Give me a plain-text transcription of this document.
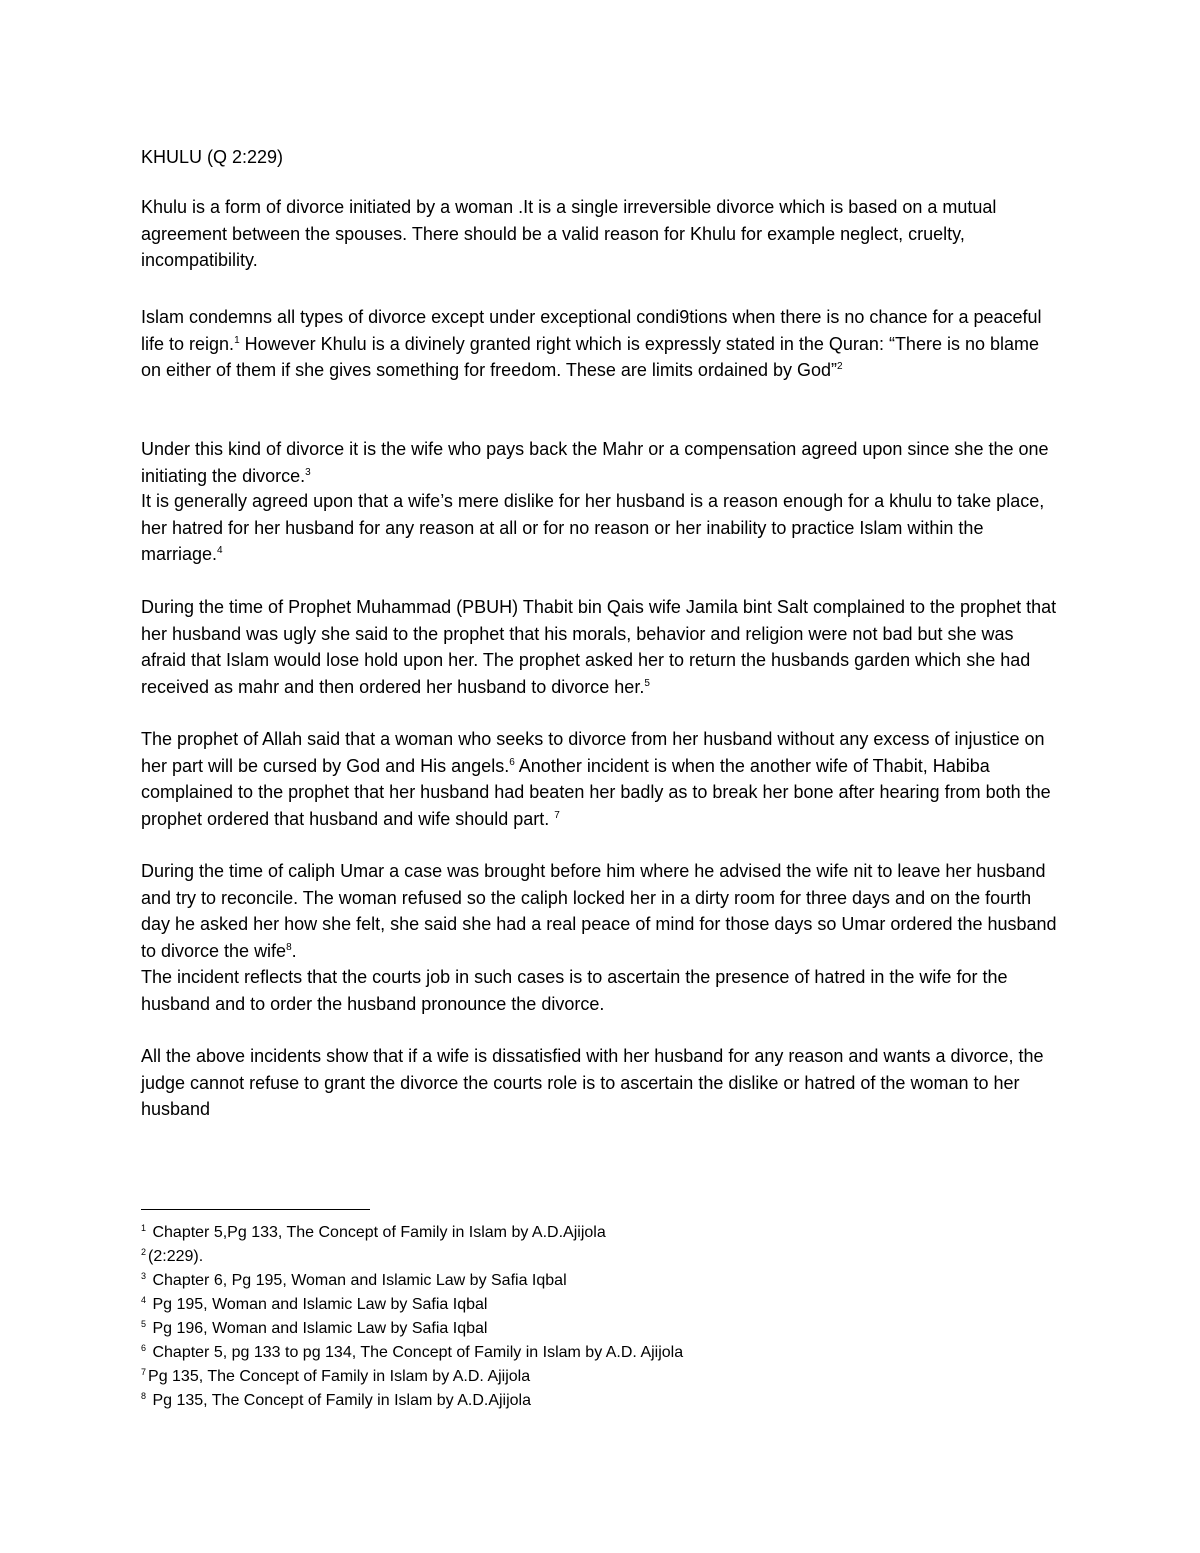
KHULU (Q 2:229)

Khulu is a form of divorce initiated by a woman .It is a single irreversible divorce which is based on a mutual agreement between the spouses. There should be a valid reason for Khulu for example neglect, cruelty, incompatibility.

Islam condemns all types of divorce except under exceptional condi9tions when there is no chance for a peaceful life to reign.$^1$ However Khulu is a divinely granted right which is expressly stated in the Quran: “There is no blame on either of them if she gives something for freedom. These are limits ordained by God”$^2$

Under this kind of divorce it is the wife who pays back the Mahr or a compensation agreed upon since she the one initiating the divorce.$^3$

It is generally agreed upon that a wife’s mere dislike for her husband is a reason enough for a khulu to take place, her hatred for her husband for any reason at all or for no reason or her inability to practice Islam within the marriage.$^4$

During the time of Prophet Muhammad (PBUH) Thabit bin Qais wife Jamila bint Salt complained to the prophet that her husband was ugly she said to the prophet that his morals, behavior and religion were not bad but she was afraid that Islam would lose hold upon her. The prophet asked her to return the husbands garden which she had received as mahr and then ordered her husband to divorce her.$^5$

The prophet of Allah said that a woman who seeks to divorce from her husband without any excess of injustice on her part will be cursed by God and His angels.$^6$ Another incident is when the another wife of Thabit, Habiba complained to the prophet that her husband had beaten her badly as to break her bone after hearing from both the prophet ordered that husband and wife should part. $^7$

During the time of caliph Umar a case was brought before him where he advised the wife nit to leave her husband and try to reconcile. The woman refused so the caliph locked her in a dirty room for three days and on the fourth day he asked her how she felt, she said she had a real peace of mind for those days so Umar ordered the husband to divorce the wife$^8$.

The incident reflects that the courts job in such cases is to ascertain the presence of hatred in the wife for the husband and to order the husband pronounce the divorce.

All the above incidents show that if a wife is dissatisfied with her husband for any reason and wants a divorce, the judge cannot refuse to grant the divorce the courts role is to ascertain the dislike or hatred of the woman to her husband

$^1$ Chapter 5,Pg 133, The Concept of Family in Islam by A.D.Ajijola
$^2$ (2:229).
$^3$ Chapter 6, Pg 195, Woman and Islamic Law by Safia Iqbal
$^4$ Pg 195, Woman and Islamic Law by Safia Iqbal
$^5$ Pg 196, Woman and Islamic Law by Safia Iqbal
$^6$ Chapter 5, pg 133 to pg 134, The Concept of Family in Islam by A.D. Ajijola
$^7$ Pg 135, The Concept of Family in Islam by A.D. Ajijola
$^8$ Pg 135, The Concept of Family in Islam by A.D.Ajijola
